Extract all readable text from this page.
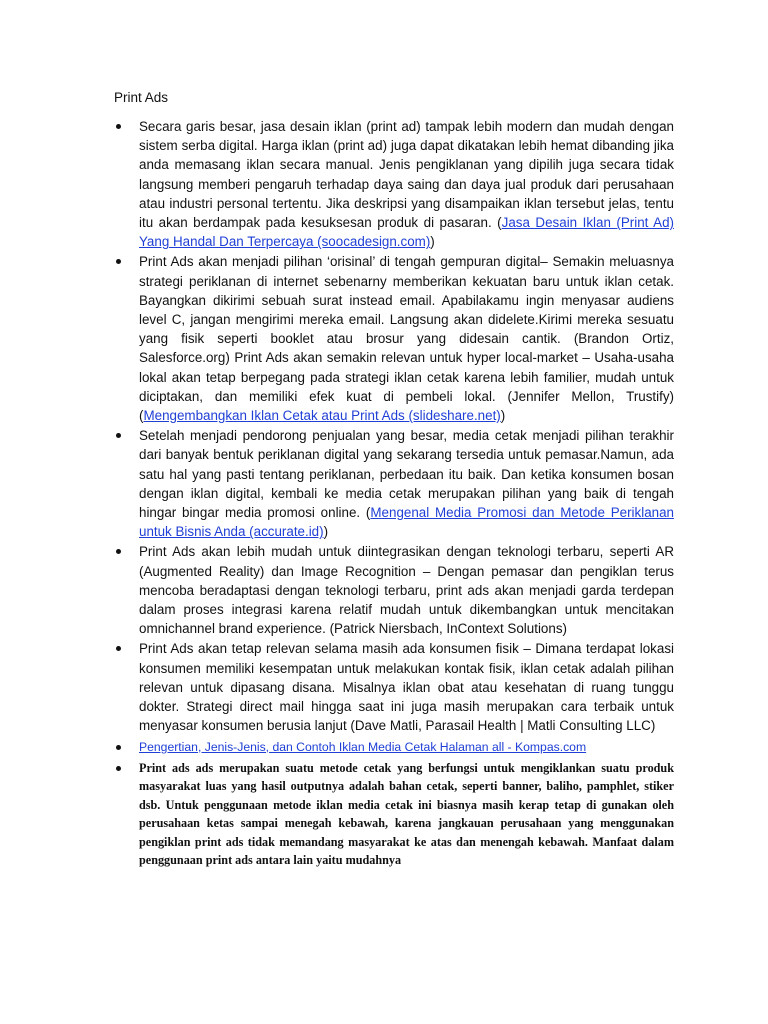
Print Ads
Secara garis besar, jasa desain iklan (print ad) tampak lebih modern dan mudah dengan sistem serba digital. Harga iklan (print ad) juga dapat dikatakan lebih hemat dibanding jika anda memasang iklan secara manual. Jenis pengiklanan yang dipilih juga secara tidak langsung memberi pengaruh terhadap daya saing dan daya jual produk dari perusahaan atau industri personal tertentu. Jika deskripsi yang disampaikan iklan tersebut jelas, tentu itu akan berdampak pada kesuksesan produk di pasaran. (Jasa Desain Iklan (Print Ad) Yang Handal Dan Terpercaya (soocadesign.com))
Print Ads akan menjadi pilihan ‘orisinal’ di tengah gempuran digital– Semakin meluasnya strategi periklanan di internet sebenarny memberikan kekuatan baru untuk iklan cetak. Bayangkan dikirimi sebuah surat instead email. Apabilakamu ingin menyasar audiens level C, jangan mengirimi mereka email. Langsung akan didelete.Kirimi mereka sesuatu yang fisik seperti booklet atau brosur yang didesain cantik. (Brandon Ortiz, Salesforce.org) Print Ads akan semakin relevan untuk hyper local-market – Usaha-usaha lokal akan tetap berpegang pada strategi iklan cetak karena lebih familier, mudah untuk diciptakan, dan memiliki efek kuat di pembeli lokal. (Jennifer Mellon, Trustify) (Mengembangkan Iklan Cetak atau Print Ads (slideshare.net))
Setelah menjadi pendorong penjualan yang besar, media cetak menjadi pilihan terakhir dari banyak bentuk periklanan digital yang sekarang tersedia untuk pemasar.Namun, ada satu hal yang pasti tentang periklanan, perbedaan itu baik. Dan ketika konsumen bosan dengan iklan digital, kembali ke media cetak merupakan pilihan yang baik di tengah hingar bingar media promosi online. (Mengenal Media Promosi dan Metode Periklanan untuk Bisnis Anda (accurate.id))
Print Ads akan lebih mudah untuk diintegrasikan dengan teknologi terbaru, seperti AR (Augmented Reality) dan Image Recognition – Dengan pemasar dan pengiklan terus mencoba beradaptasi dengan teknologi terbaru, print ads akan menjadi garda terdepan dalam proses integrasi karena relatif mudah untuk dikembangkan untuk mencitakan omnichannel brand experience. (Patrick Niersbach, InContext Solutions)
Print Ads akan tetap relevan selama masih ada konsumen fisik – Dimana terdapat lokasi konsumen memiliki kesempatan untuk melakukan kontak fisik, iklan cetak adalah pilihan relevan untuk dipasang disana. Misalnya iklan obat atau kesehatan di ruang tunggu dokter. Strategi direct mail hingga saat ini juga masih merupakan cara terbaik untuk menyasar konsumen berusia lanjut (Dave Matli, Parasail Health | Matli Consulting LLC)
Pengertian, Jenis-Jenis, dan Contoh Iklan Media Cetak Halaman all - Kompas.com
Print ads ads merupakan suatu metode cetak yang berfungsi untuk mengiklankan suatu produk masyarakat luas yang hasil outputnya adalah bahan cetak, seperti banner, baliho, pamphlet, stiker dsb. Untuk penggunaan metode iklan media cetak ini biasnya masih kerap tetap di gunakan oleh perusahaan ketas sampai menegah kebawah, karena jangkauan perusahaan yang menggunakan pengiklan print ads tidak memandang masyarakat ke atas dan menengah kebawah. Manfaat dalam penggunaan print ads antara lain yaitu mudahnya
